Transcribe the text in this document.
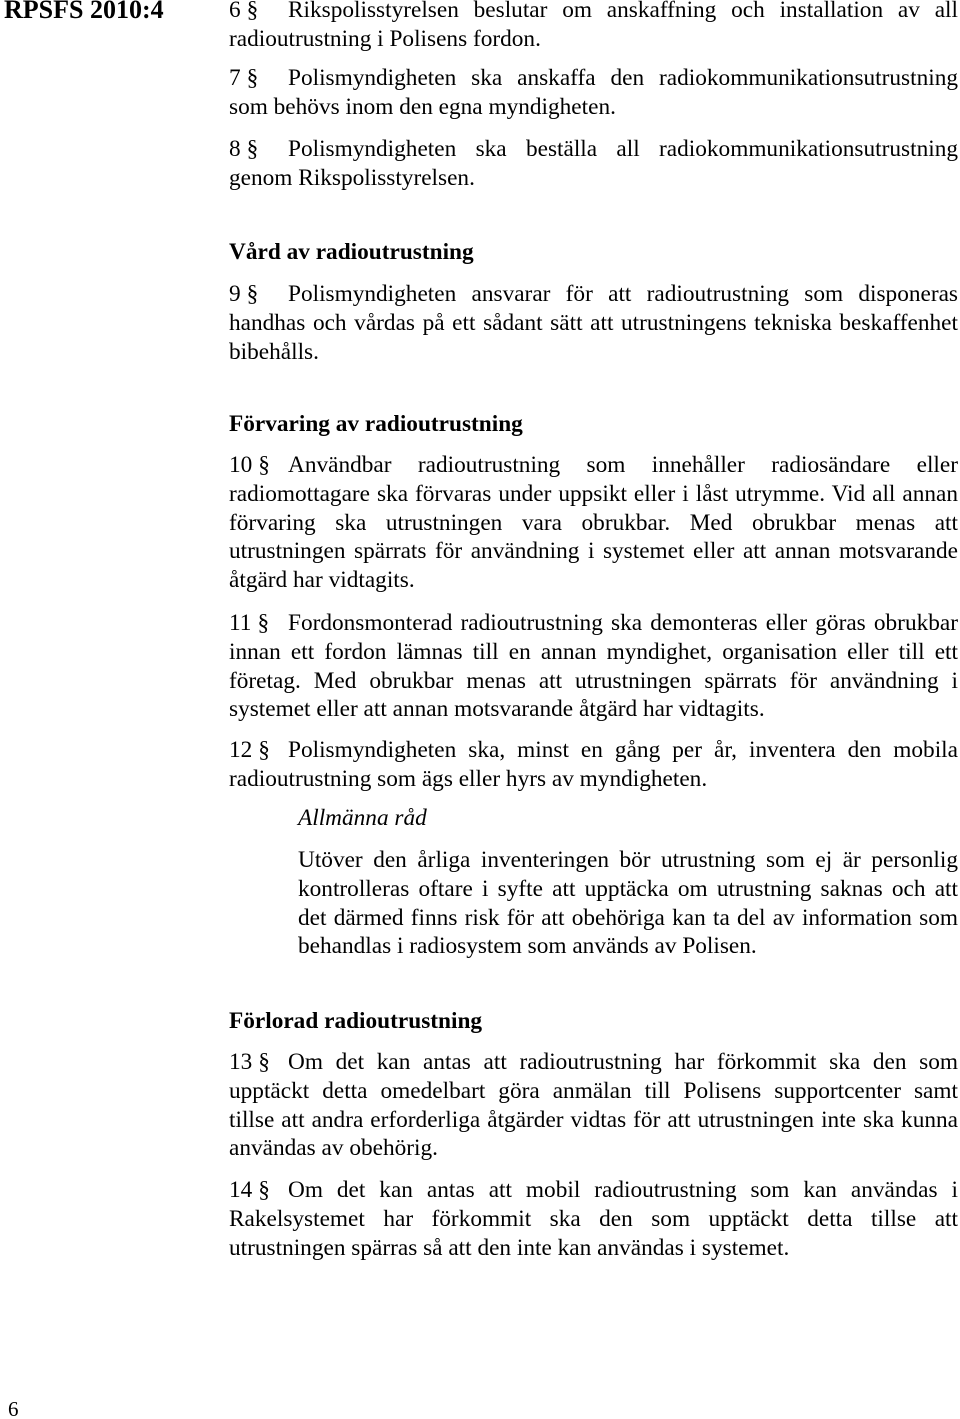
RPSFS 2010:4	6 §	Rikspolisstyrelsen beslutar om anskaffning och installation av all
radioutrustning i Polisens fordon.
7 §	Polismyndigheten ska anskaffa den radiokommunikationsutrustning
som behövs inom den egna myndigheten.
8 §	Polismyndigheten ska beställa all radiokommunikationsutrustning
genom Rikspolisstyrelsen.
Vård av radioutrustning
9 §	Polismyndigheten ansvarar för att radioutrustning som disponeras
handhas och vårdas på ett sådant sätt att utrustningens tekniska beskaffenhet
bibehålls.
Förvaring av radioutrustning
10 § Användbar radioutrustning som innehåller radiosändare eller
radiomottagare ska förvaras under uppsikt eller i låst utrymme. Vid all annan
förvaring ska utrustningen vara obrukbar. Med obrukbar menas att
utrustningen spärrats för användning i systemet eller att annan motsvarande
åtgärd har vidtagits.
11 § Fordonsmonterad radioutrustning ska demonteras eller göras obrukbar
innan ett fordon lämnas till en annan myndighet, organisation eller till ett
företag. Med obrukbar menas att utrustningen spärrats för användning i
systemet eller att annan motsvarande åtgärd har vidtagits.
12 § Polismyndigheten ska, minst en gång per år, inventera den mobila
radioutrustning som ägs eller hyrs av myndigheten.
Allmänna råd
Utöver den årliga inventeringen bör utrustning som ej är personlig
kontrolleras oftare i syfte att upptäcka om utrustning saknas och att
det därmed finns risk för att obehöriga kan ta del av information som
behandlas i radiosystem som används av Polisen.
Förlorad radioutrustning
13 § Om det kan antas att radioutrustning har förkommit ska den som
upptäckt detta omedelbart göra anmälan till Polisens supportcenter samt
tillse att andra erforderliga åtgärder vidtas för att utrustningen inte ska kunna
användas av obehörig.
14 § Om det kan antas att mobil radioutrustning som kan användas i
Rakelsystemet har förkommit ska den som upptäckt detta tillse att
utrustningen spärras så att den inte kan användas i systemet.
6
